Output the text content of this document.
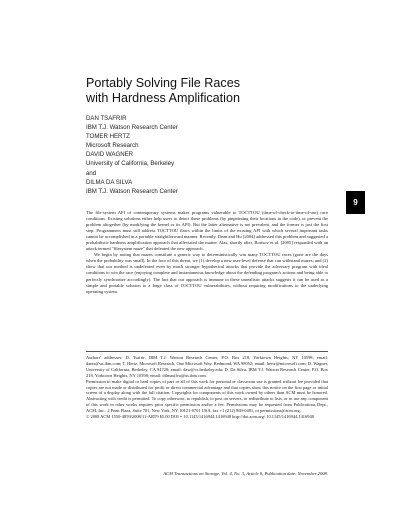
Portably Solving File Races
with Hardness Amplification
DAN TSAFRIR
IBM T.J. Watson Research Center
TOMER HERTZ
Microsoft Research
DAVID WAGNER
University of California, Berkeley
and
DILMA DA SILVA
IBM T.J. Watson Research Center
9

The file-system API of contemporary systems makes programs vulnerable to TOCTTOU (time-of-check-to-time-of-use) race conditions. Existing solutions either help users to detect these problems (by pinpointing their locations in the code), or prevent the problem altogether (by modifying the kernel or its API). But the latter alternative is not prevalent, and the former is just the first step: Programmers must still address TOCTTOU flaws within the limits of the existing API with which several important tasks cannot be accomplished in a portable straightforward manner. Recently, Dean and Hu [2004] addressed this problem and suggested a probabilistic hardness amplification approach that alleviated the matter. Alas, shortly after, Borisov et al. [2005] responded with an attack termed "filesystem maze" that defeated the new approach.

We begin by noting that mazes constitute a generic way to deterministically win many TOCTTOU races (gone are the days when the probability was small). In the face of this threat, we (1) develop a new user-level defense that can withstand mazes; and (2) show that our method is undefeated even by much stronger hypothetical attacks that provide the adversary program with ideal conditions to win the race (enjoying complete and instantaneous knowledge about the defending program's actions and being able to perfectly synchronize accordingly). The fact that our approach is immune to these unrealistic attacks suggests it can be used as a simple and portable solution to a large class of TOCTTOU vulnerabilities, without requiring modifications to the underlying operating system.

Authors' addresses: D. Tsafrir, IBM T.J. Watson Research Center, P.O. Box 218, Yorktown Heights, NY 10598; email: dants@us.ibm.com; T. Hertz, Microsoft Research, One Microsoft Way, Redmond, WA 98052; email: hertz@microsoft.com; D. Wagner, University of California, Berkeley, CA 94720; email: daw@cs.berkeley.edu; D. Da Silva, IBM T.J. Watson Research Center, P.O. Box 218, Yorktown Heights, NY 10598; email: dilmasilva@us.ibm.com.

Permission to make digital or hard copies of part or all of this work for personal or classroom use is granted without fee provided that copies are not made or distributed for profit or direct commercial advantage and that copies show this notice on the first page or initial screen of a display along with the full citation. Copyrights for components of this work owned by others than ACM must be honored. Abstracting with credit is permitted. To copy otherwise, to republish, to post on servers, to redistribute to lists, or to use any component of this work in other works requires prior specific permission and/or a fee. Permissions may be requested from Publications Dept., ACM, Inc., 2 Penn Plaza, Suite 701, New York, NY 10121-0701 USA, fax +1 (212) 869-0481, or permissions@acm.org.

© 2008 ACM 1550-4859/2008/11-ART9 $5.00 DOI = 10.1145/1416944.1416948 http://doi.acm.org/ 10.1145/1416944.1416948

ACM Transactions on Storage, Vol. 4, No. 3, Article 9, Publication date: November 2008.
